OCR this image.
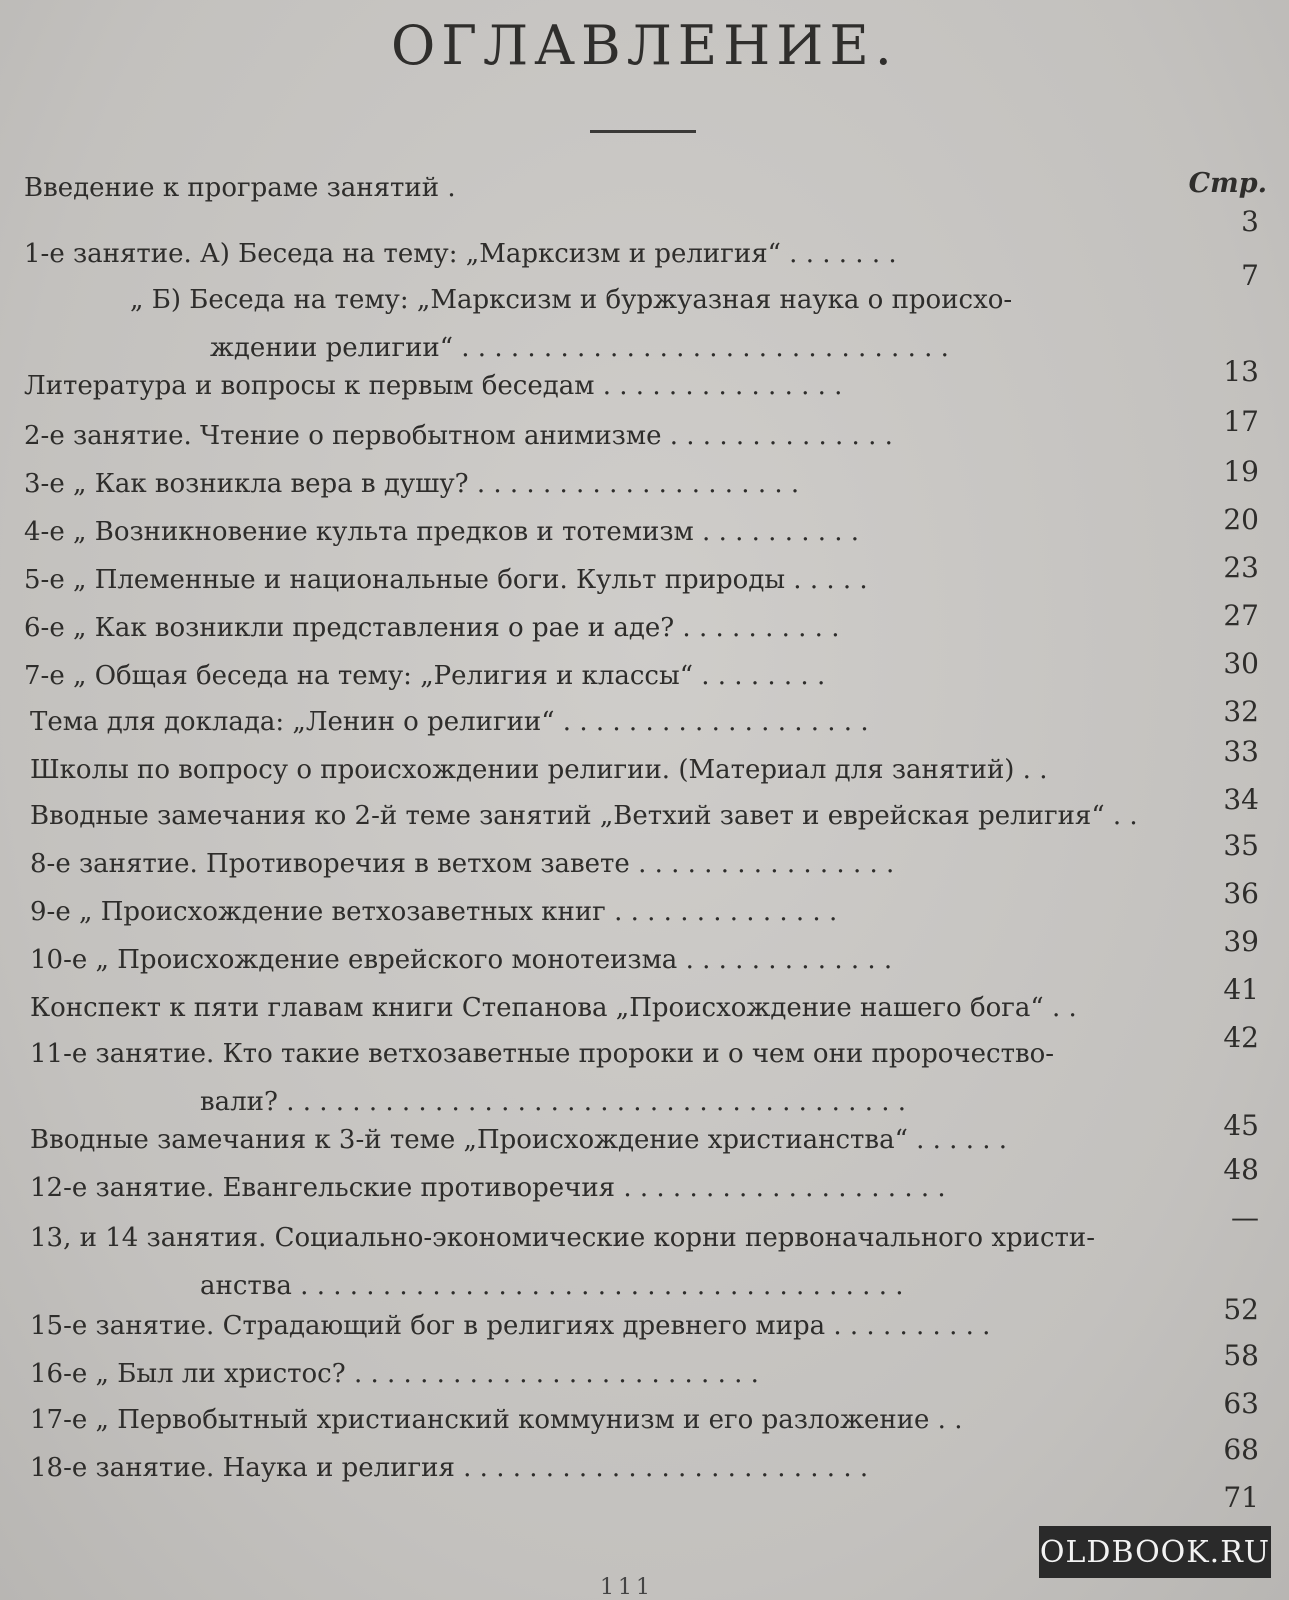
ОГЛАВЛЕНИЕ.
Стр.
Введение к програме занятий .
3
1-е занятие. А) Беседа на тему: „Марксизм и религия“ . . . . . . .
7
„ Б) Беседа на тему: „Марксизм и буржуазная наука о происхо-
ждении религии“ . . . . . . . . . . . . . . . . . . . . . . . . . . . . . .
13
Литература и вопросы к первым беседам . . . . . . . . . . . . . . .
17
2-е занятие. Чтение о первобытном анимизме . . . . . . . . . . . . . .
19
3-е „ Как возникла вера в душу? . . . . . . . . . . . . . . . . . . . .
20
4-е „ Возникновение культа предков и тотемизм . . . . . . . . . .
23
5-е „ Племенные и национальные боги. Культ природы . . . . .
27
6-е „ Как возникли представления о рае и аде? . . . . . . . . . .
30
7-е „ Общая беседа на тему: „Религия и классы“ . . . . . . . .
32
Тема для доклада: „Ленин о религии“ . . . . . . . . . . . . . . . . . . .
33
Школы по вопросу о происхождении религии. (Материал для занятий) . .
34
Вводные замечания ко 2-й теме занятий „Ветхий завет и еврейская религия“ . .
35
8-е занятие. Противоречия в ветхом завете . . . . . . . . . . . . . . . .
36
9-е „ Происхождение ветхозаветных книг . . . . . . . . . . . . . .
39
10-е „ Происхождение еврейского монотеизма . . . . . . . . . . . . .
41
Конспект к пяти главам книги Степанова „Происхождение нашего бога“ . .
42
11-е занятие. Кто такие ветхозаветные пророки и о чем они пророчество-
вали? . . . . . . . . . . . . . . . . . . . . . . . . . . . . . . . . . . . . . .
45
Вводные замечания к 3-й теме „Происхождение христианства“ . . . . . .
48
12-е занятие. Евангельские противоречия . . . . . . . . . . . . . . . . . . . .
—
13, и 14 занятия. Социально-экономические корни первоначального христи-
анства . . . . . . . . . . . . . . . . . . . . . . . . . . . . . . . . . . . . .
52
15-е занятие. Страдающий бог в религиях древнего мира . . . . . . . . . .
58
16-е „ Был ли христос? . . . . . . . . . . . . . . . . . . . . . . . . .
63
17-е „ Первобытный христианский коммунизм и его разложение . .
68
18-е занятие. Наука и религия . . . . . . . . . . . . . . . . . . . . . . . . .
71
OLDBOOK.RU
111
